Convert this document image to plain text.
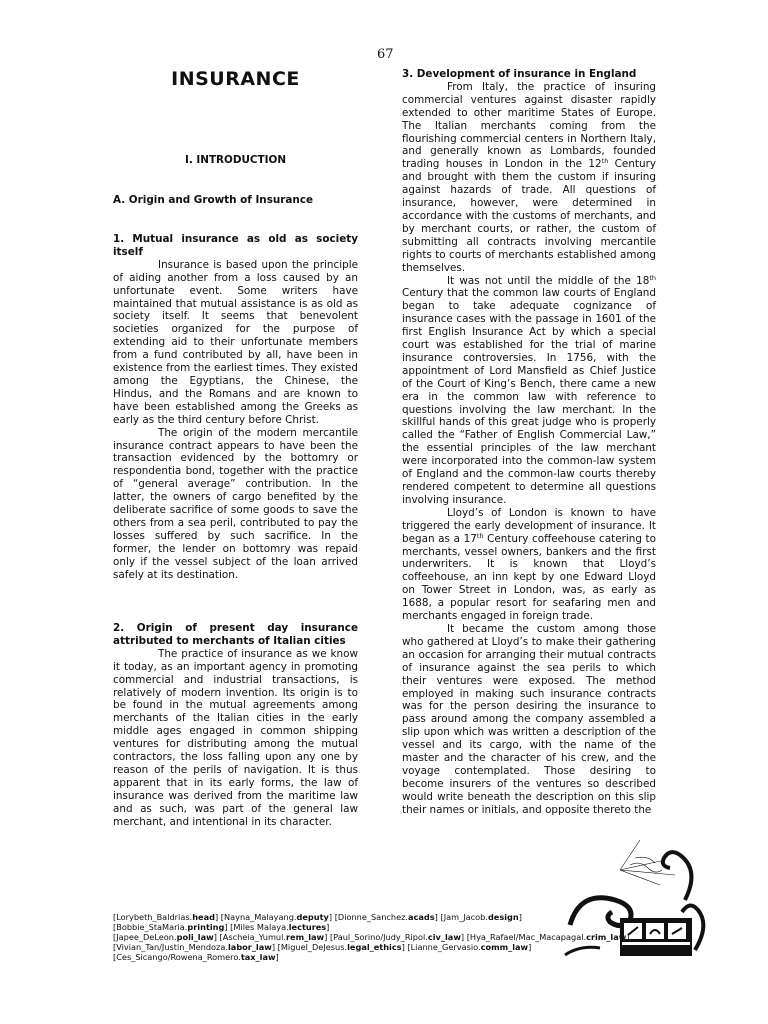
67
INSURANCE

I. INTRODUCTION

A. Origin and Growth of Insurance

1. Mutual insurance as old as society itself

Insurance is based upon the principle of aiding another from a loss caused by an unfortunate event. Some writers have maintained that mutual assistance is as old as society itself. It seems that benevolent societies organized for the purpose of extending aid to their unfortunate members from a fund contributed by all, have been in existence from the earliest times. They existed among the Egyptians, the Chinese, the Hindus, and the Romans and are known to have been established among the Greeks as early as the third century before Christ.

The origin of the modern mercantile insurance contract appears to have been the transaction evidenced by the bottomry or respondentia bond, together with the practice of “general average” contribution. In the latter, the owners of cargo benefited by the deliberate sacrifice of some goods to save the others from a sea peril, contributed to pay the losses suffered by such sacrifice. In the former, the lender on bottomry was repaid only if the vessel subject of the loan arrived safely at its destination.

2. Origin of present day insurance attributed to merchants of Italian cities

The practice of insurance as we know it today, as an important agency in promoting commercial and industrial transactions, is relatively of modern invention. Its origin is to be found in the mutual agreements among merchants of the Italian cities in the early middle ages engaged in common shipping ventures for distributing among the mutual contractors, the loss falling upon any one by reason of the perils of navigation. It is thus apparent that in its early forms, the law of insurance was derived from the maritime law and as such, was part of the general law merchant, and intentional in its character.

3. Development of insurance in England

From Italy, the practice of insuring commercial ventures against disaster rapidly extended to other maritime States of Europe. The Italian merchants coming from the flourishing commercial centers in Northern Italy, and generally known as Lombards, founded trading houses in London in the 12th Century and brought with them the custom if insuring against hazards of trade. All questions of insurance, however, were determined in accordance with the customs of merchants, and by merchant courts, or rather, the custom of submitting all contracts involving mercantile rights to courts of merchants established among themselves.

It was not until the middle of the 18th Century that the common law courts of England began to take adequate cognizance of insurance cases with the passage in 1601 of the first English Insurance Act by which a special court was established for the trial of marine insurance controversies. In 1756, with the appointment of Lord Mansfield as Chief Justice of the Court of King’s Bench, there came a new era in the common law with reference to questions involving the law merchant. In the skillful hands of this great judge who is properly called the “Father of English Commercial Law,” the essential principles of the law merchant were incorporated into the common-law system of England and the common-law courts thereby rendered competent to determine all questions involving insurance.

Lloyd’s of London is known to have triggered the early development of insurance. It began as a 17th Century coffeehouse catering to merchants, vessel owners, bankers and the first underwriters. It is known that Lloyd’s coffeehouse, an inn kept by one Edward Lloyd on Tower Street in London, was, as early as 1688, a popular resort for seafaring men and merchants engaged in foreign trade.

It became the custom among those who gathered at Lloyd’s to make their gathering an occasion for arranging their mutual contracts of insurance against the sea perils to which their ventures were exposed. The method employed in making such insurance contracts was for the person desiring the insurance to pass around among the company assembled a slip upon which was written a description of the vessel and its cargo, with the name of the master and the character of his crew, and the voyage contemplated. Those desiring to become insurers of the ventures so described would write beneath the description on this slip their names or initials, and opposite thereto the

[Lorybeth_Baldrias.head] [Nayna_Malayang.deputy] [Dionne_Sanchez.acads] [Jam_Jacob.design]
[Bobbie_StaMaria.printing] [Miles Malaya.lectures]
[Japee_DeLeon.poli_law] [Ascheia_Yumul.rem_law] [Paul_Sorino/Judy_Ripol.civ_law] [Hya_Rafael/Mac_Macapagal.crim_law]
[Vivian_Tan/Justin_Mendoza.labor_law] [Miguel_DeJesus.legal_ethics] [Lianne_Gervasio.comm_law]
[Ces_Sicango/Rowena_Romero.tax_law]
